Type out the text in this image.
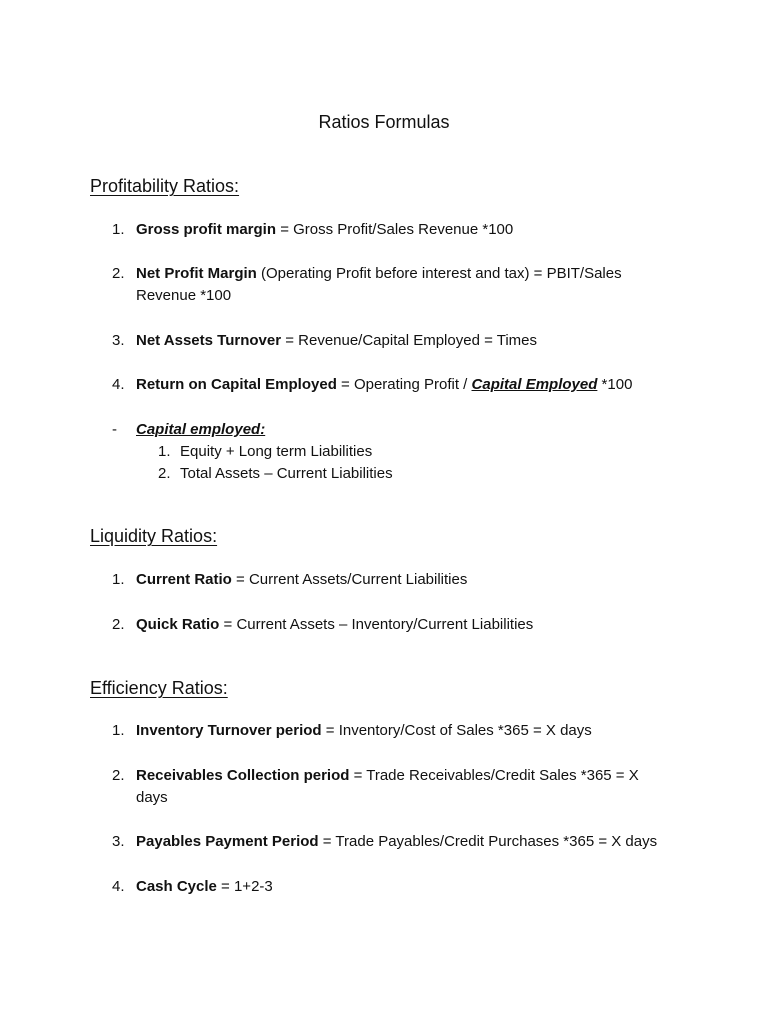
Ratios Formulas
Profitability Ratios:
1. Gross profit margin = Gross Profit/Sales Revenue *100
2. Net Profit Margin (Operating Profit before interest and tax) = PBIT/Sales Revenue *100
3. Net Assets Turnover = Revenue/Capital Employed = Times
4. Return on Capital Employed = Operating Profit / Capital Employed *100
-	Capital employed:
1. Equity + Long term Liabilities
2. Total Assets – Current Liabilities
Liquidity Ratios:
1. Current Ratio = Current Assets/Current Liabilities
2. Quick Ratio = Current Assets – Inventory/Current Liabilities
Efficiency Ratios:
1. Inventory Turnover period = Inventory/Cost of Sales *365 = X days
2. Receivables Collection period = Trade Receivables/Credit Sales *365 = X days
3. Payables Payment Period = Trade Payables/Credit Purchases *365 = X days
4. Cash Cycle = 1+2-3
